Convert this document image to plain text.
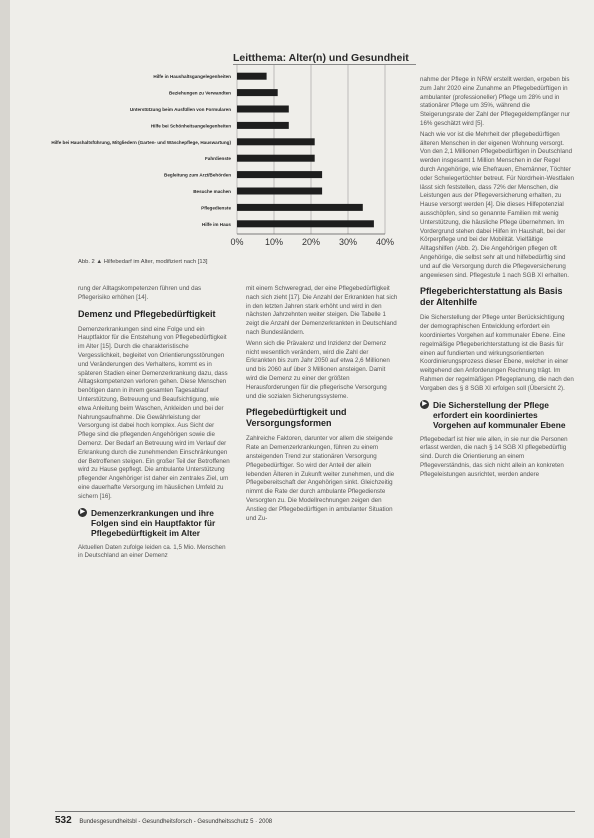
Leitthema: Alter(n) und Gesundheit
0% 10% 20% 30% 40%
Hilfe in Haushaltsgangelegenheiten
Beziehungen zu Verwandten
Unterstützung beim Ausfüllen von Formularen
Hilfe bei Schönheitsangelegenheiten
Hilfe bei Haushaltsführung, Mitgliedern (Garten- und Wäschepflege, Hauswartung)
Fahrdienste
Begleitung zum Arzt/Behörden
Besuche machen
Pflegedienste
Hilfe im Haus
Abb. 2 ▲ Hilfebedarf im Alter, modifiziert nach [13]

rung der Alltagskompetenzen führen und das Pflegerisiko erhöhen [14].

Demenz und Pflegebedürftigkeit

Demenzerkrankungen sind eine Folge und ein Hauptfaktor für die Entstehung von Pflegebedürftigkeit im Alter [15]. Durch die charakteristische Vergesslichkeit, begleitet von Orientierungsstörungen und Veränderungen des Verhaltens, kommt es in späteren Stadien einer Demenzerkrankung dazu, dass Alltagskompetenzen verloren gehen. Diese Menschen benötigen dann in ihrem gesamten Tagesablauf Unterstützung, Betreuung und Beaufsichtigung, wie etwa Anleitung beim Waschen, Ankleiden und bei der Nahrungsaufnahme. Die Gewährleistung der Versorgung ist dabei hoch komplex. Aus Sicht der Pflege sind die pflegenden Angehörigen sowie die Demenz. Der Bedarf an Betreuung wird im Verlauf der Erkrankung durch die zunehmenden Einschränkungen der Betroffenen steigen. Ein großer Teil der Betroffenen wird zu Hause gepflegt. Die ambulante Unterstützung pflegender Angehöriger ist daher ein zentrales Ziel, um eine dauerhafte Versorgung im häuslichen Umfeld zu sichern [16].

▶ Demenzerkrankungen und ihre Folgen sind ein Hauptfaktor für Pflegebedürftigkeit im Alter

Aktuellen Daten zufolge leiden ca. 1,5 Mio. Menschen in Deutschland an einer Demenz

mit einem Schweregrad, der eine Pflegebedürftigkeit nach sich zieht [17]. Die Anzahl der Erkrankten hat sich in den letzten Jahren stark erhöht und wird in den nächsten Jahrzehnten weiter steigen. Die Tabelle 1 zeigt die Anzahl der Demenzerkrankten in Deutschland nach Bundesländern.

Wenn sich die Prävalenz und Inzidenz der Demenz nicht wesentlich verändern, wird die Zahl der Erkrankten bis zum Jahr 2050 auf etwa 2,6 Millionen und bis 2060 auf über 3 Millionen ansteigen. Damit wird die Demenz zu einer der größten Herausforderungen für die pflegerische Versorgung und die sozialen Sicherungssysteme.

Pflegebedürftigkeit und Versorgungsformen

Zahlreiche Faktoren, darunter vor allem die steigende Rate an Demenzerkrankungen, führen zu einem ansteigenden Trend zur stationären Versorgung Pflegebedürftiger. So wird der Anteil der allein lebenden Älteren in Zukunft weiter zunehmen, und die Pflegebereitschaft der Angehörigen sinkt. Gleichzeitig nimmt die Rate der durch ambulante Pflegedienste Versorgten zu. Die Modellrechnungen zeigen den Anstieg der Pflegebedürftigen in ambulanter Situation und Zu-

nahme der Pflege in NRW erstellt werden, ergeben bis zum Jahr 2020 eine Zunahme an Pflegebedürftigen in ambulanter (professioneller) Pflege um 28% und in stationärer Pflege um 35%, während die Steigerungsrate der Zahl der Pflegegeldempfänger nur 16% geschätzt wird [5].

Nach wie vor ist die Mehrheit der pflegebedürftigen älteren Menschen in der eigenen Wohnung versorgt. Von den 2,1 Millionen Pflegebedürftigen in Deutschland werden insgesamt 1 Million Menschen in der Regel durch Angehörige, wie Ehefrauen, Ehemänner, Töchter oder Schwiegertöchter betreut. Für Nordrhein-Westfalen lässt sich feststellen, dass 72% der Menschen, die Leistungen aus der Pflegeversicherung erhalten, zu Hause versorgt werden [4]. Die dieses Hilfepotenzial ausschöpfen, sind so genannte Familien mit wenig Unterstützung, die häusliche Pflege übernehmen. Im Vordergrund stehen dabei Hilfen im Haushalt, bei der Körperpflege und bei der Mobilität. Vielfältige Alltagshilfen (Abb. 2). Die Angehörigen pflegen oft Angehörige, die selbst sehr alt und hilfebedürftig sind und auf die Versorgung durch die Pflegeversicherung angewiesen sind. Pflegestufe 1 nach SGB XI erhalten.

Pflegeberichterstattung als Basis der Altenhilfe

Die Sicherstellung der Pflege unter Berücksichtigung der demographischen Entwicklung erfordert ein koordiniertes Vorgehen auf kommunaler Ebene. Eine regelmäßige Pflegeberichterstattung ist die Basis für einen auf fundierten und wirkungsorientierten Koordinierungsprozess dieser Ebene, welcher in einer weitgehend den Anforderungen Rechnung trägt. Im Rahmen der regelmäßigen Pflegeplanung, die nach den Vorgaben des § 8 SGB XI erfolgen soll (Übersicht 2).

▶ Die Sicherstellung der Pflege erfordert ein koordiniertes Vorgehen auf kommunaler Ebene

Pflegebedarf ist hier wie allen, in sie nur die Personen erfasst werden, die nach § 14 SGB XI pflegebedürftig sind. Durch die Orientierung an einem Pflegeverständnis, das sich nicht allein an konkreten Pflegeleistungen ausrichtet, werden andere

532 Bundesgesundheitsbl - Gesundheitsforsch - Gesundheitsschutz 5 · 2008
